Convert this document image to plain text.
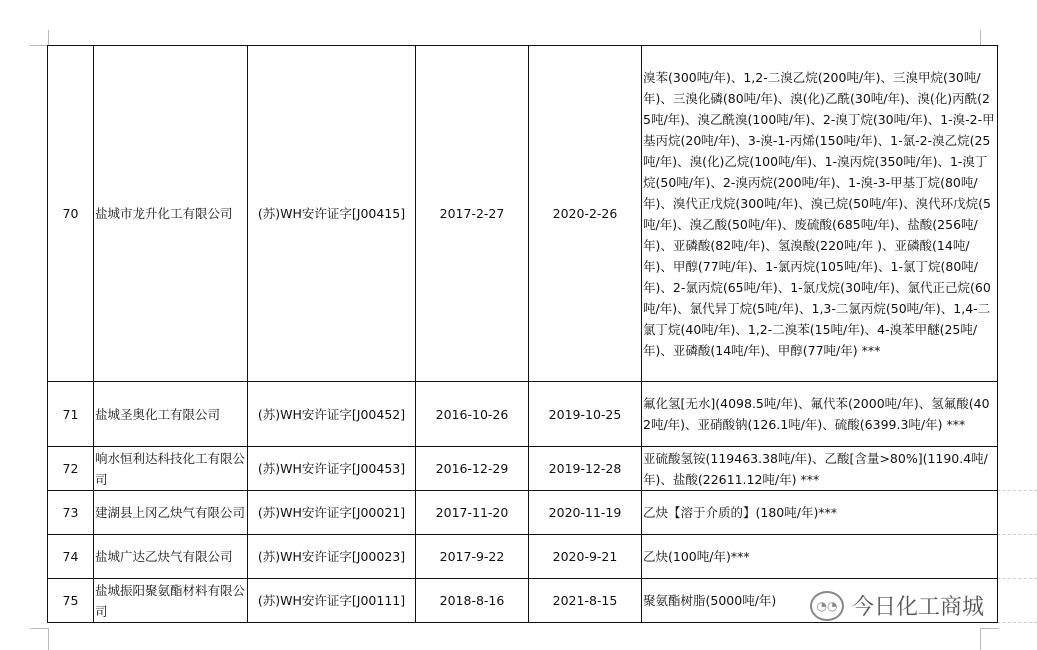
70	盐城市龙升化工有限公司	(苏)WH安许证字[J00415]	2017-2-27	2020-2-26	溴苯(300吨/年)、1,2-二溴乙烷(200吨/年)、三溴甲烷(30吨/年)、三溴化磷(80吨/年)、溴(化)乙酰(30吨/年)、溴(化)丙酰(25吨/年)、溴乙酰溴(100吨/年)、2-溴丁烷(30吨/年)、1-溴-2-甲基丙烷(20吨/年)、3-溴-1-丙烯(150吨/年)、1-氯-2-溴乙烷(25吨/年)、溴(化)乙烷(100吨/年)、1-溴丙烷(350吨/年)、1-溴丁烷(50吨/年)、2-溴丙烷(200吨/年)、1-溴-3-甲基丁烷(80吨/年)、溴代正戊烷(300吨/年)、溴己烷(50吨/年)、溴代环戊烷(5吨/年)、溴乙酸(50吨/年)、废硫酸(685吨/年)、盐酸(256吨/年)、亚磷酸(82吨/年)、氢溴酸(220吨/年 )、亚磷酸(14吨/年)、甲醇(77吨/年)、1-氯丙烷(105吨/年)、1-氯丁烷(80吨/年)、2-氯丙烷(65吨/年)、1-氯戊烷(30吨/年)、氯代正己烷(60吨/年)、氯代异丁烷(5吨/年)、1,3-二氯丙烷(50吨/年)、1,4-二氯丁烷(40吨/年)、1,2-二溴苯(15吨/年)、4-溴苯甲醚(25吨/年)、亚磷酸(14吨/年)、甲醇(77吨/年) ***
71	盐城圣奥化工有限公司	(苏)WH安许证字[J00452]	2016-10-26	2019-10-25	氟化氢[无水](4098.5吨/年)、氟代苯(2000吨/年)、氢氟酸(402吨/年)、亚硝酸钠(126.1吨/年)、硫酸(6399.3吨/年) ***
72	响水恒利达科技化工有限公司	(苏)WH安许证字[J00453]	2016-12-29	2019-12-28	亚硫酸氢铵(119463.38吨/年)、乙酸[含量>80%](1190.4吨/年)、盐酸(22611.12吨/年) ***
73	建湖县上冈乙炔气有限公司	(苏)WH安许证字[J00021]	2017-11-20	2020-11-19	乙炔【溶于介质的】(180吨/年)***
74	盐城广达乙炔气有限公司	(苏)WH安许证字[J00023]	2017-9-22	2020-9-21	乙炔(100吨/年)***
75	盐城振阳聚氨酯材料有限公司	(苏)WH安许证字[J00111]	2018-8-16	2021-8-15	聚氨酯树脂(5000吨/年)	◔◔ 今日化工商城
